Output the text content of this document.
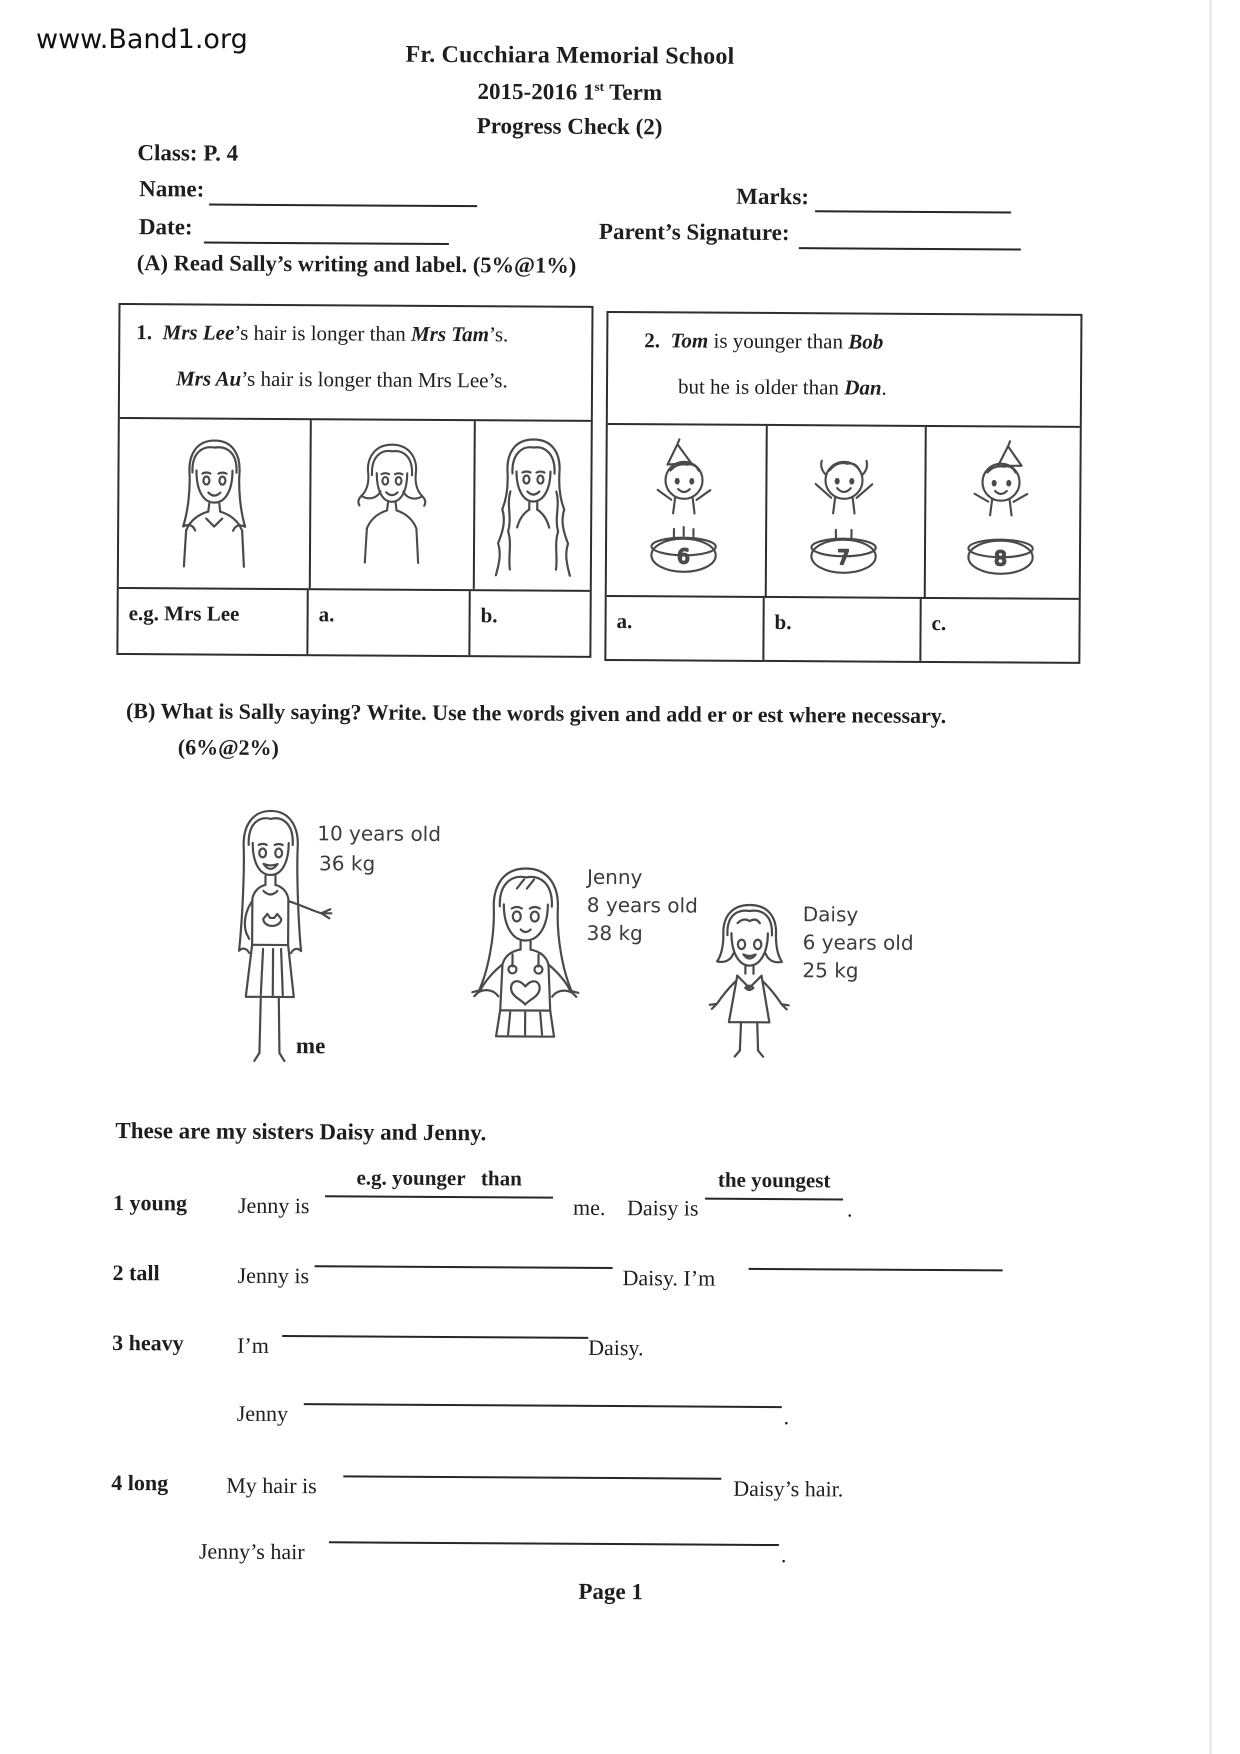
www.Band1.org
Fr. Cucchiara Memorial School
2015-2016 1st Term
Progress Check (2)
Class: P. 4
Name:	Marks:
Date:	Parent’s Signature:
(A) Read Sally’s writing and label. (5%@1%)
1. Mrs Lee’s hair is longer than Mrs Tam’s.
Mrs Au’s hair is longer than Mrs Lee’s.
e.g. Mrs Lee	a.	b.
2. Tom is younger than Bob
but he is older than Dan.
6	7	8
a.	b.	c.
(B) What is Sally saying? Write. Use the words given and add er or est where necessary.
(6%@2%)
10 years old
36 kg
me
Jenny
8 years old
38 kg
Daisy
6 years old
25 kg
These are my sisters Daisy and Jenny.
1 young Jenny is
e.g. younger   than
me. Daisy is
the youngest
.
2 tall	Jenny is	Daisy. I’m
3 heavy I’m	Daisy.
Jenny	.
4 long	My hair is	Daisy’s hair.
Jenny’s hair	.
Page 1
